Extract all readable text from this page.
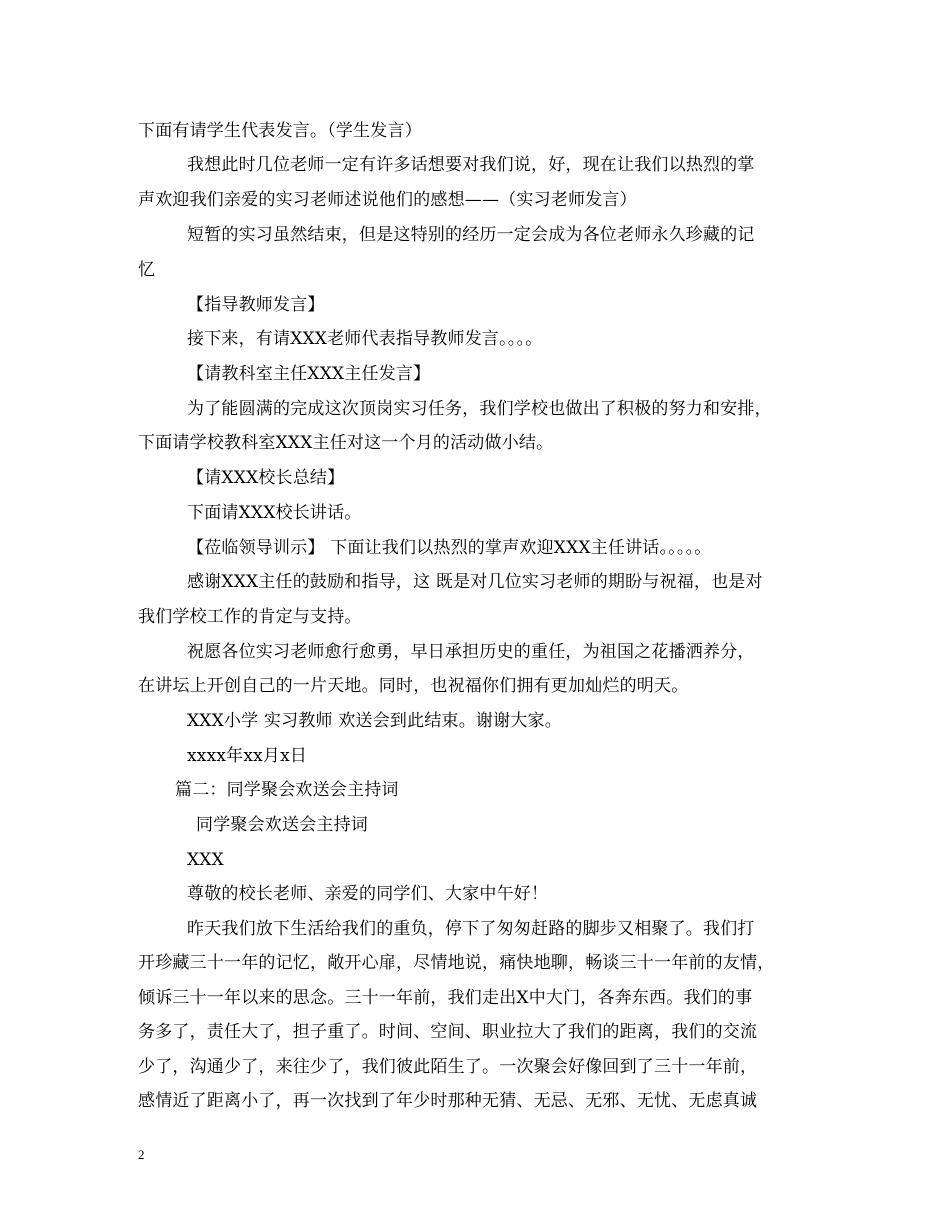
下面有请学生代表发言。（学生发言）
我想此时几位老师一定有许多话想要对我们说，好，现在让我们以热烈的掌
声欢迎我们亲爱的实习老师述说他们的感想——（实习老师发言）
短暂的实习虽然结束，但是这特别的经历一定会成为各位老师永久珍藏的记
忆
【指导教师发言】
接下来，有请XXX老师代表指导教师发言。。。。
【请教科室主任XXX主任发言】
为了能圆满的完成这次顶岗实习任务，我们学校也做出了积极的努力和安排，
下面请学校教科室XXX主任对这一个月的活动做小结。
【请XXX校长总结】
下面请XXX校长讲话。
【莅临领导训示】 下面让我们以热烈的掌声欢迎XXX主任讲话。。。。。
感谢XXX主任的鼓励和指导，这 既是对几位实习老师的期盼与祝福，也是对
我们学校工作的肯定与支持。
祝愿各位实习老师愈行愈勇，早日承担历史的重任，为祖国之花播洒养分，
在讲坛上开创自己的一片天地。同时，也祝福你们拥有更加灿烂的明天。
XXX小学 实习教师 欢送会到此结束。谢谢大家。
xxxx年xx月x日
篇二：同学聚会欢送会主持词
同学聚会欢送会主持词
XXX
尊敬的校长老师、亲爱的同学们、大家中午好！
昨天我们放下生活给我们的重负，停下了匆匆赶路的脚步又相聚了。我们打
开珍藏三十一年的记忆，敞开心扉，尽情地说，痛快地聊，畅谈三十一年前的友情，
倾诉三十一年以来的思念。三十一年前，我们走出X中大门，各奔东西。我们的事
务多了，责任大了，担子重了。时间、空间、职业拉大了我们的距离，我们的交流
少了，沟通少了，来往少了，我们彼此陌生了。一次聚会好像回到了三十一年前，
感情近了距离小了，再一次找到了年少时那种无猜、无忌、无邪、无忧、无虑真诚
2
